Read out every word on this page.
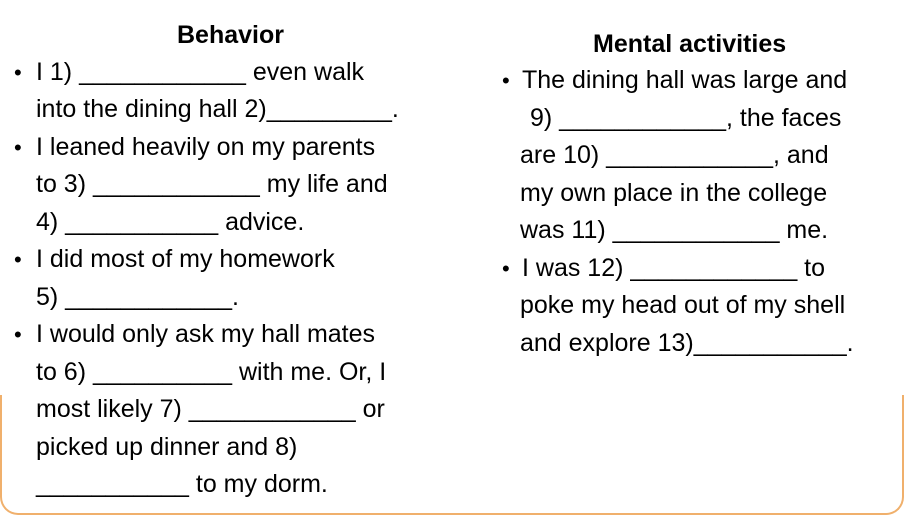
Behavior
• I 1) ____________ even walk
into the dining hall 2)_________.
• I leaned heavily on my parents
to 3) ____________ my life and
4) ___________ advice.
• I did most of my homework
5) ____________.
• I would only ask my hall mates
to 6) __________ with me. Or, I
most likely 7) ____________ or
picked up dinner and 8)
___________ to my dorm.
Mental activities
• The dining hall was large and
9) ____________, the faces
are 10) ____________, and
my own place in the college
was 11) ____________ me.
• I was 12) ____________ to
poke my head out of my shell
and explore 13)___________.
